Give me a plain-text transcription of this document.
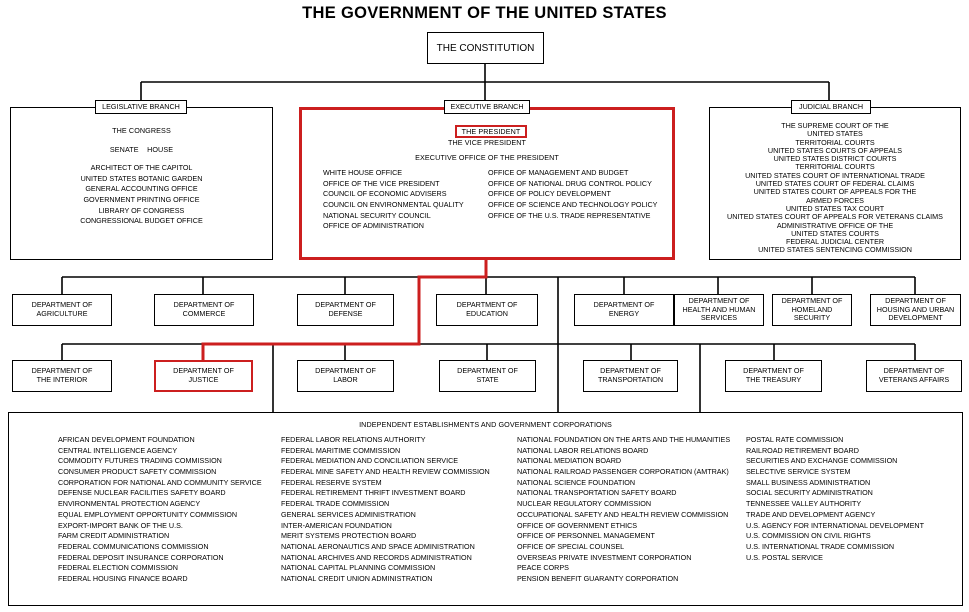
THE GOVERNMENT OF THE UNITED STATES
THE CONSTITUTION
LEGISLATIVE BRANCH
THE CONGRESS
SENATE    HOUSE
ARCHITECT OF THE CAPITOL
UNITED STATES BOTANIC GARDEN
GENERAL ACCOUNTING OFFICE
GOVERNMENT PRINTING OFFICE
LIBRARY OF CONGRESS
CONGRESSIONAL BUDGET OFFICE
EXECUTIVE BRANCH
THE PRESIDENT
THE VICE PRESIDENT
EXECUTIVE OFFICE OF THE PRESIDENT
WHITE HOUSE OFFICE
OFFICE OF THE VICE PRESIDENT
COUNCIL OF ECONOMIC ADVISERS
COUNCIL ON ENVIRONMENTAL QUALITY
NATIONAL SECURITY COUNCIL
OFFICE OF ADMINISTRATION
OFFICE OF MANAGEMENT AND BUDGET
OFFICE OF NATIONAL DRUG CONTROL POLICY
OFFICE OF POLICY DEVELOPMENT
OFFICE OF SCIENCE AND TECHNOLOGY POLICY
OFFICE OF THE U.S. TRADE REPRESENTATIVE
JUDICIAL BRANCH
THE SUPREME COURT OF THE
UNITED STATES
TERRITORIAL COURTS
UNITED STATES COURTS OF APPEALS
UNITED STATES DISTRICT COURTS
TERRITORIAL COURTS
UNITED STATES COURT OF INTERNATIONAL TRADE
UNITED STATES COURT OF FEDERAL CLAIMS
UNITED STATES COURT OF APPEALS FOR THE
ARMED FORCES
UNITED STATES TAX COURT
UNITED STATES COURT OF APPEALS FOR VETERANS CLAIMS
ADMINISTRATIVE OFFICE OF THE
UNITED STATES COURTS
FEDERAL JUDICIAL CENTER
UNITED STATES SENTENCING COMMISSION
DEPARTMENT OF
AGRICULTURE
DEPARTMENT OF
COMMERCE
DEPARTMENT OF
DEFENSE
DEPARTMENT OF
EDUCATION
DEPARTMENT OF
ENERGY
DEPARTMENT OF
HEALTH AND HUMAN
SERVICES
DEPARTMENT OF
HOMELAND
SECURITY
DEPARTMENT OF
HOUSING AND URBAN
DEVELOPMENT
DEPARTMENT OF
THE INTERIOR
DEPARTMENT OF
JUSTICE
DEPARTMENT OF
LABOR
DEPARTMENT OF
STATE
DEPARTMENT OF
TRANSPORTATION
DEPARTMENT OF
THE TREASURY
DEPARTMENT OF
VETERANS AFFAIRS
INDEPENDENT ESTABLISHMENTS AND GOVERNMENT CORPORATIONS
AFRICAN DEVELOPMENT FOUNDATION
CENTRAL INTELLIGENCE AGENCY
COMMODITY FUTURES TRADING COMMISSION
CONSUMER PRODUCT SAFETY COMMISSION
CORPORATION FOR NATIONAL AND COMMUNITY SERVICE
DEFENSE NUCLEAR FACILITIES SAFETY BOARD
ENVIRONMENTAL PROTECTION AGENCY
EQUAL EMPLOYMENT OPPORTUNITY COMMISSION
EXPORT-IMPORT BANK OF THE U.S.
FARM CREDIT ADMINISTRATION
FEDERAL COMMUNICATIONS COMMISSION
FEDERAL DEPOSIT INSURANCE CORPORATION
FEDERAL ELECTION COMMISSION
FEDERAL HOUSING FINANCE BOARD
FEDERAL LABOR RELATIONS AUTHORITY
FEDERAL MARITIME COMMISSION
FEDERAL MEDIATION AND CONCILIATION SERVICE
FEDERAL MINE SAFETY AND HEALTH REVIEW COMMISSION
FEDERAL RESERVE SYSTEM
FEDERAL RETIREMENT THRIFT INVESTMENT BOARD
FEDERAL TRADE COMMISSION
GENERAL SERVICES ADMINISTRATION
INTER-AMERICAN FOUNDATION
MERIT SYSTEMS PROTECTION BOARD
NATIONAL AERONAUTICS AND SPACE ADMINISTRATION
NATIONAL ARCHIVES AND RECORDS ADMINISTRATION
NATIONAL CAPITAL PLANNING COMMISSION
NATIONAL CREDIT UNION ADMINISTRATION
NATIONAL FOUNDATION ON THE ARTS AND THE HUMANITIES
NATIONAL LABOR RELATIONS BOARD
NATIONAL MEDIATION BOARD
NATIONAL RAILROAD PASSENGER CORPORATION (AMTRAK)
NATIONAL SCIENCE FOUNDATION
NATIONAL TRANSPORTATION SAFETY BOARD
NUCLEAR REGULATORY COMMISSION
OCCUPATIONAL SAFETY AND HEALTH REVIEW COMMISSION
OFFICE OF GOVERNMENT ETHICS
OFFICE OF PERSONNEL MANAGEMENT
OFFICE OF SPECIAL COUNSEL
OVERSEAS PRIVATE INVESTMENT CORPORATION
PEACE CORPS
PENSION BENEFIT GUARANTY CORPORATION
POSTAL RATE COMMISSION
RAILROAD RETIREMENT BOARD
SECURITIES AND EXCHANGE COMMISSION
SELECTIVE SERVICE SYSTEM
SMALL BUSINESS ADMINISTRATION
SOCIAL SECURITY ADMINISTRATION
TENNESSEE VALLEY AUTHORITY
TRADE AND DEVELOPMENT AGENCY
U.S. AGENCY FOR INTERNATIONAL DEVELOPMENT
U.S. COMMISSION ON CIVIL RIGHTS
U.S. INTERNATIONAL TRADE COMMISSION
U.S. POSTAL SERVICE
